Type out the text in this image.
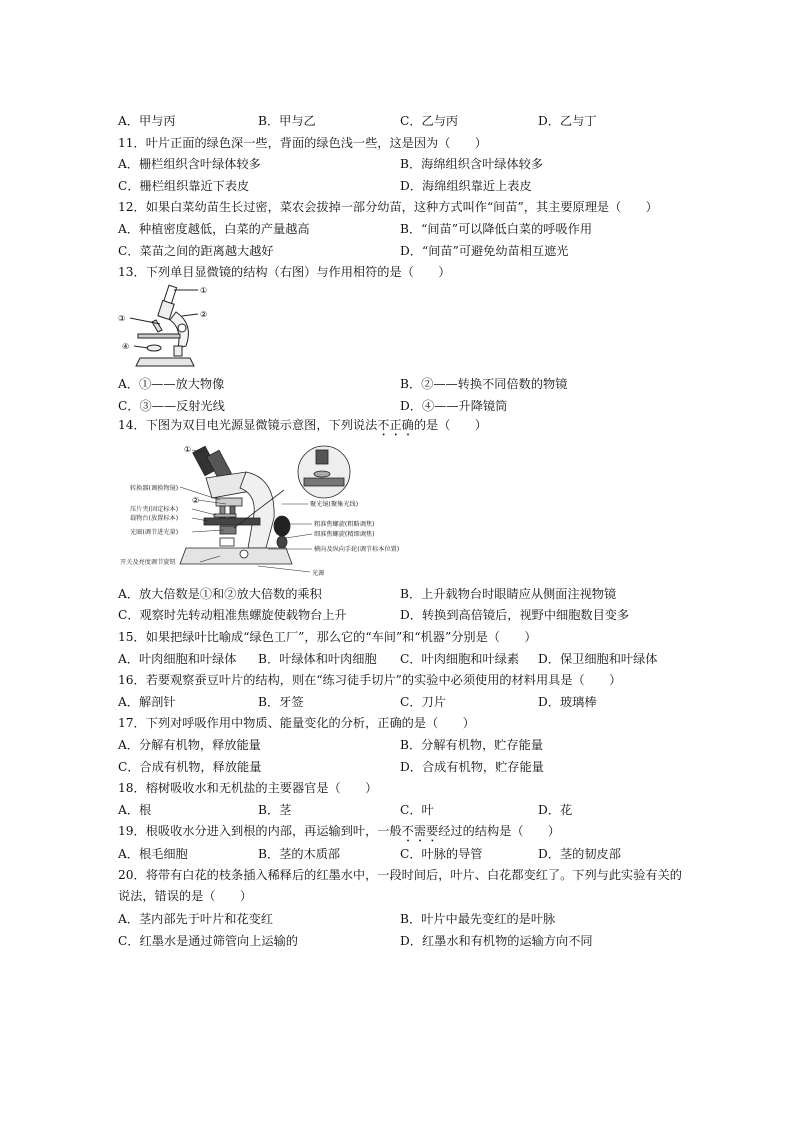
A．甲与丙	B．甲与乙	C．乙与丙	D．乙与丁
11．叶片正面的绿色深一些，背面的绿色浅一些，这是因为（　　）
A．栅栏组织含叶绿体较多	B．海绵组织含叶绿体较多
C．栅栏组织靠近下表皮	D．海绵组织靠近上表皮
12．如果白菜幼苗生长过密，菜农会拔掉一部分幼苗，这种方式叫作“间苗”，其主要原理是（　　）
A．种植密度越低，白菜的产量越高	B．“间苗”可以降低白菜的呼吸作用
C．菜苗之间的距离越大越好	D．“间苗”可避免幼苗相互遮光
13．下列单目显微镜的结构（右图）与作用相符的是（　　）
①
②
③
④
A．①——放大物像	B．②——转换不同倍数的物镜
C．③——反射光线	D．④——升降镜筒
14．下图为双目电光源显微镜示意图，下列说法不正确的是（　　）
①
②
转换器(调换物镜)
压片夹(固定标本)
载物台(放置标本)
光圈(调节进光量)
开关及亮度调节旋钮
聚光镜(聚集光线)
粗准焦螺旋(粗略调焦)
细准焦螺旋(精细调焦)
横向及纵向手轮(调节标本位置)
光源
A．放大倍数是①和②放大倍数的乘积	B．上升载物台时眼睛应从侧面注视物镜
C．观察时先转动粗准焦螺旋使载物台上升	D．转换到高倍镜后，视野中细胞数目变多
15．如果把绿叶比喻成“绿色工厂”，那么它的“车间”和“机器”分别是（　　）
A．叶肉细胞和叶绿体 B．叶绿体和叶肉细胞 C．叶肉细胞和叶绿素 D．保卫细胞和叶绿体
16．若要观察蚕豆叶片的结构，则在“练习徒手切片”的实验中必须使用的材料用具是（　　）
A．解剖针	B．牙签	C．刀片	D．玻璃棒
17．下列对呼吸作用中物质、能量变化的分析，正确的是（　　）
A．分解有机物，释放能量	B．分解有机物，贮存能量
C．合成有机物，释放能量	D．合成有机物，贮存能量
18．榕树吸收水和无机盐的主要器官是（　　）
A．根	B．茎	C．叶	D．花
19．根吸收水分进入到根的内部，再运输到叶，一般不需要经过的结构是（　　）
A．根毛细胞	B．茎的木质部	C．叶脉的导管	D．茎的韧皮部
20．将带有白花的枝条插入稀释后的红墨水中，一段时间后，叶片、白花都变红了。下列与此实验有关的
说法，错误的是（　　）
A．茎内部先于叶片和花变红	B．叶片中最先变红的是叶脉
C．红墨水是通过筛管向上运输的	D．红墨水和有机物的运输方向不同
